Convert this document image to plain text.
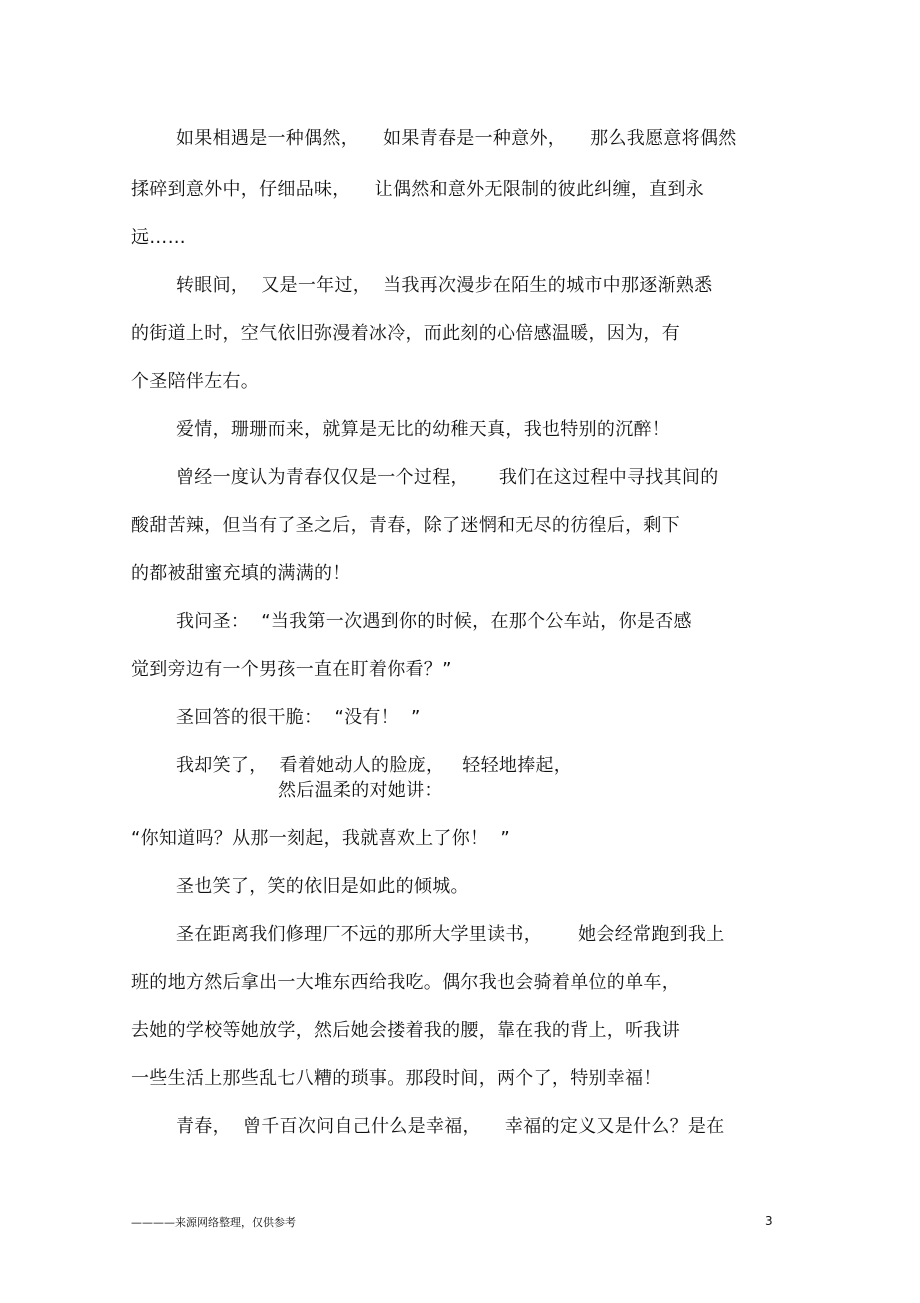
如果相遇是一种偶然，    如果青春是一种意外，    那么我愿意将偶然
揉碎到意外中，仔细品味，    让偶然和意外无限制的彼此纠缠，直到永
远……
转眼间，  又是一年过，  当我再次漫步在陌生的城市中那逐渐熟悉
的街道上时，空气依旧弥漫着冰冷，而此刻的心倍感温暖，因为，有
个圣陪伴左右。
爱情，珊珊而来，就算是无比的幼稚天真，我也特别的沉醉！
曾经一度认为青春仅仅是一个过程，     我们在这过程中寻找其间的
酸甜苦辣，但当有了圣之后，青春，除了迷惘和无尽的彷徨后，剩下
的都被甜蜜充填的满满的！
我问圣：  “当我第一次遇到你的时候，在那个公车站，你是否感
觉到旁边有一个男孩一直在盯着你看？”
圣回答的很干脆：  “没有！  ”
我却笑了，  看着她动人的脸庞，   轻轻地捧起，
然后温柔的对她讲：
“你知道吗？从那一刻起，我就喜欢上了你！  ”
圣也笑了，笑的依旧是如此的倾城。
圣在距离我们修理厂不远的那所大学里读书，      她会经常跑到我上
班的地方然后拿出一大堆东西给我吃。偶尔我也会骑着单位的单车，
去她的学校等她放学，然后她会搂着我的腰，靠在我的背上，听我讲
一些生活上那些乱七八糟的琐事。那段时间，两个了，特别幸福！
青春，  曾千百次问自己什么是幸福，    幸福的定义又是什么？是在
————来源网络整理，仅供参考	3
